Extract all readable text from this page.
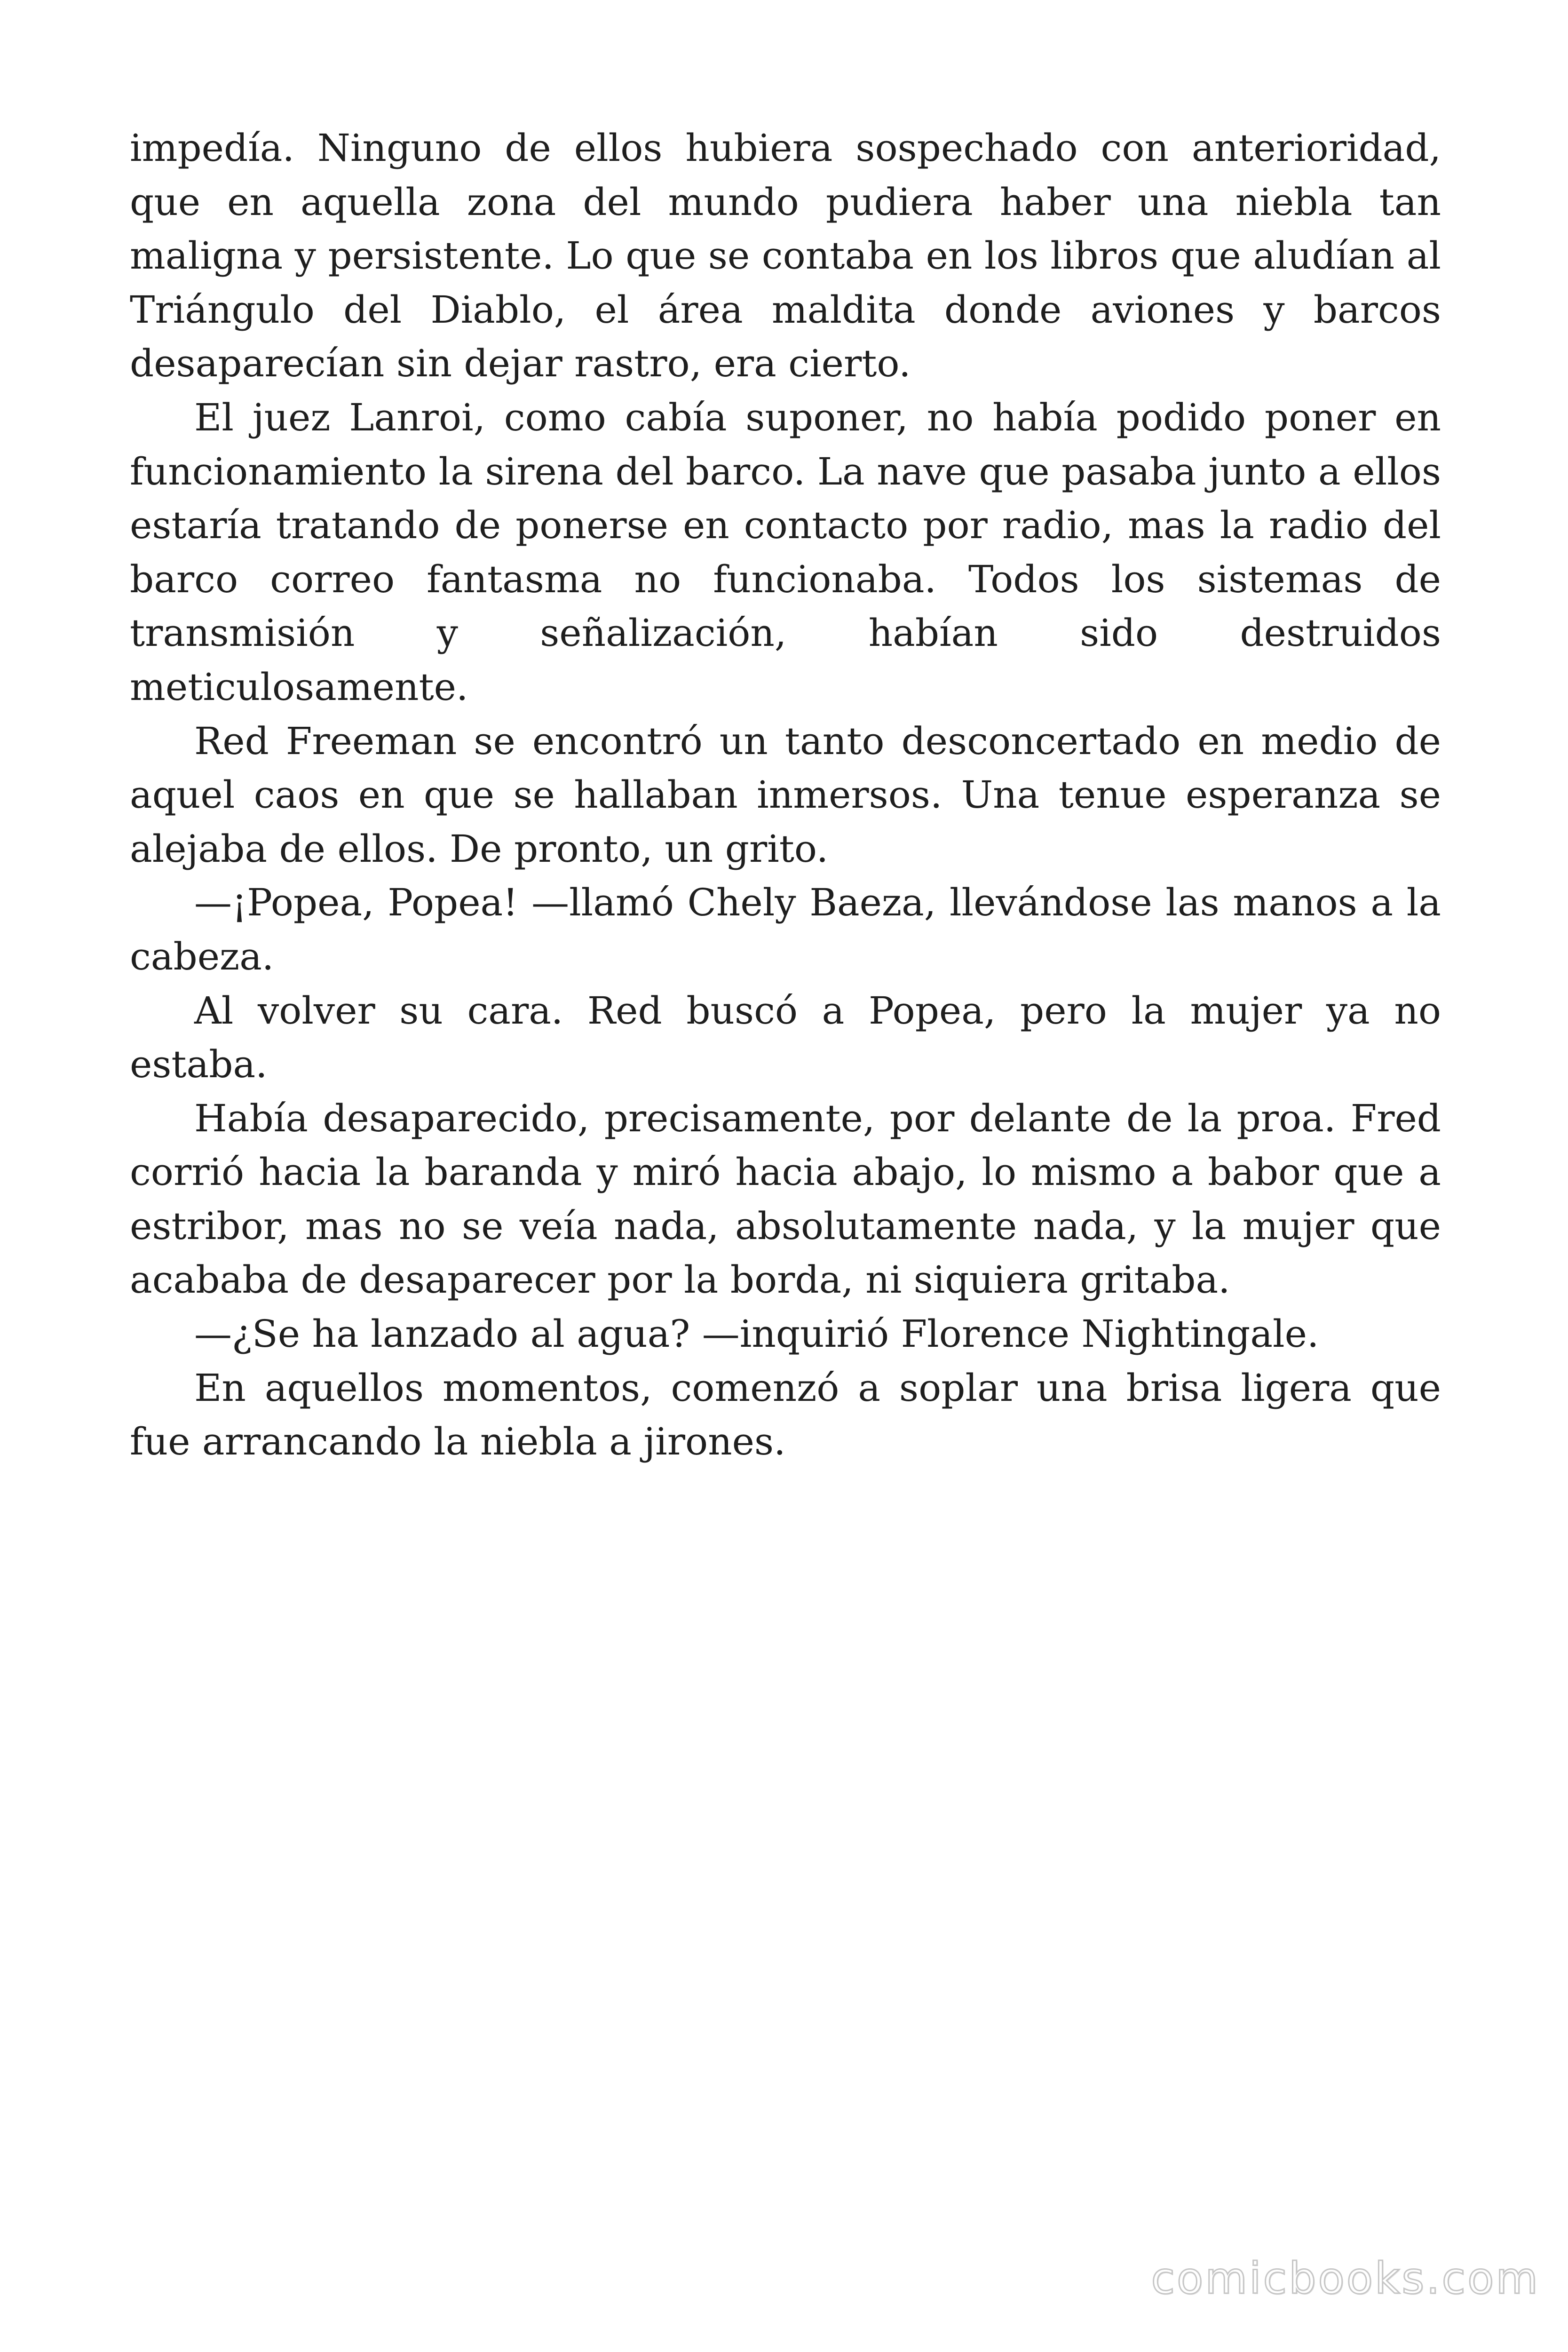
impedía. Ninguno de ellos hubiera sospechado con anterioridad, que en aquella zona del mundo pudiera haber una niebla tan maligna y persistente. Lo que se contaba en los libros que aludían al Triángulo del Diablo, el área maldita donde aviones y barcos desaparecían sin dejar rastro, era cierto.

El juez Lanroi, como cabía suponer, no había podido poner en funcionamiento la sirena del barco. La nave que pasaba junto a ellos estaría tratando de ponerse en contacto por radio, mas la radio del barco correo fantasma no funcionaba. Todos los sistemas de transmisión y señalización, habían sido destruidos meticulosamente.

Red Freeman se encontró un tanto desconcertado en medio de aquel caos en que se hallaban inmersos. Una tenue esperanza se alejaba de ellos. De pronto, un grito.

—¡Popea, Popea! —llamó Chely Baeza, llevándose las manos a la cabeza.

Al volver su cara. Red buscó a Popea, pero la mujer ya no estaba.

Había desaparecido, precisamente, por delante de la proa. Fred corrió hacia la baranda y miró hacia abajo, lo mismo a babor que a estribor, mas no se veía nada, absolutamente nada, y la mujer que acababa de desaparecer por la borda, ni siquiera gritaba.

—¿Se ha lanzado al agua? —inquirió Florence Nightingale.

En aquellos momentos, comenzó a soplar una brisa ligera que fue arrancando la niebla a jirones.

comicbooks.com
